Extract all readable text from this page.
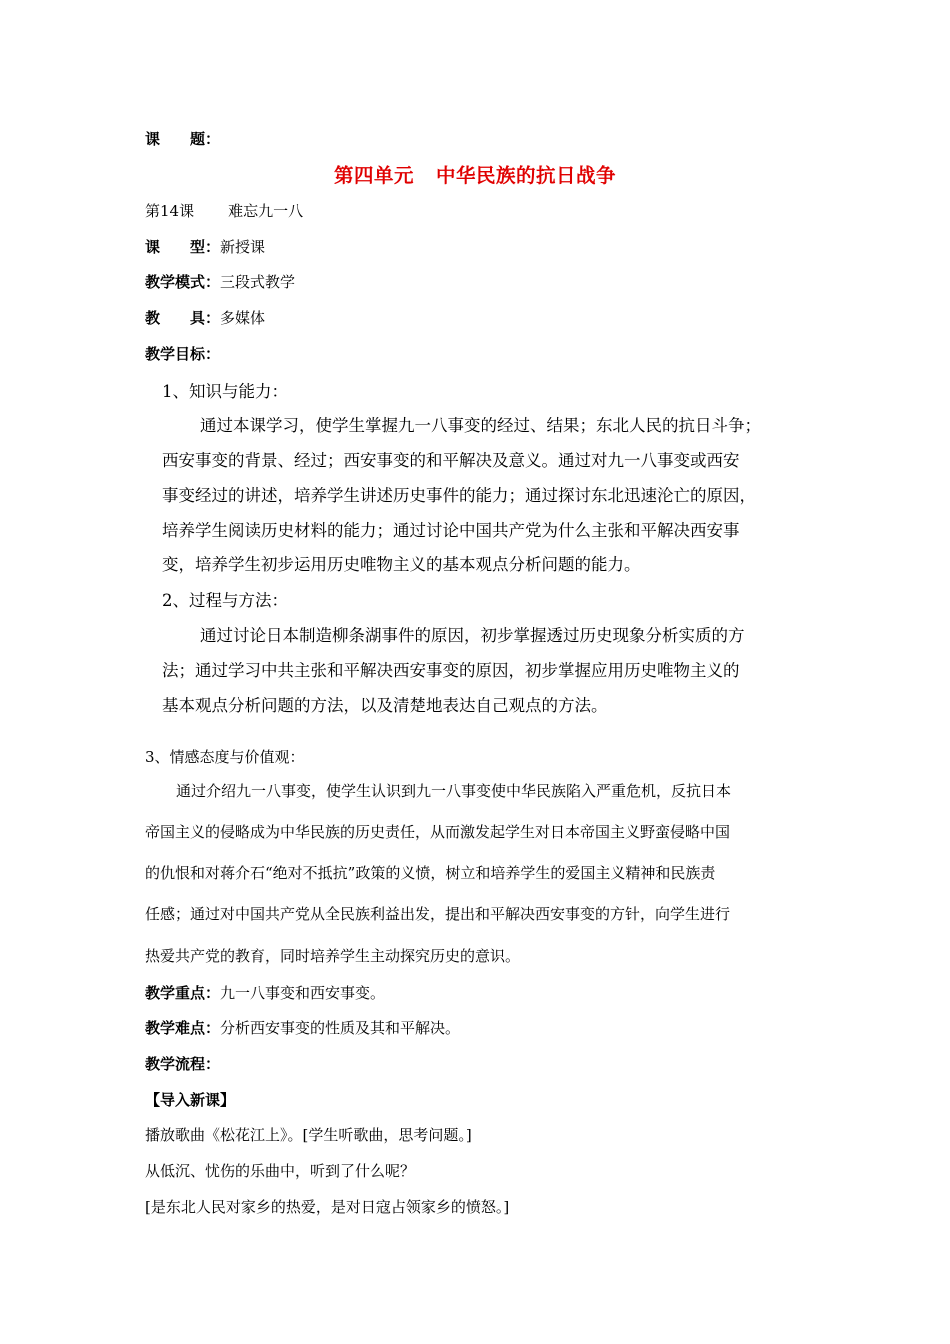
课　　题：
第四单元 中华民族的抗日战争
第14课 难忘九一八
课　　型：新授课
教学模式：三段式教学
教　　具：多媒体
教学目标：
1、知识与能力：
通过本课学习，使学生掌握九一八事变的经过、结果；东北人民的抗日斗争；
西安事变的背景、经过；西安事变的和平解决及意义。通过对九一八事变或西安
事变经过的讲述，培养学生讲述历史事件的能力；通过探讨东北迅速沦亡的原因，
培养学生阅读历史材料的能力；通过讨论中国共产党为什么主张和平解决西安事
变，培养学生初步运用历史唯物主义的基本观点分析问题的能力。
2、过程与方法：
通过讨论日本制造柳条湖事件的原因，初步掌握透过历史现象分析实质的方
法；通过学习中共主张和平解决西安事变的原因，初步掌握应用历史唯物主义的
基本观点分析问题的方法，以及清楚地表达自己观点的方法。
3、情感态度与价值观：
通过介绍九一八事变，使学生认识到九一八事变使中华民族陷入严重危机，反抗日本
帝国主义的侵略成为中华民族的历史责任，从而激发起学生对日本帝国主义野蛮侵略中国
的仇恨和对蒋介石“绝对不抵抗”政策的义愤，树立和培养学生的爱国主义精神和民族责
任感；通过对中国共产党从全民族利益出发，提出和平解决西安事变的方针，向学生进行
热爱共产党的教育，同时培养学生主动探究历史的意识。
教学重点：九一八事变和西安事变。
教学难点：分析西安事变的性质及其和平解决。
教学流程：
【导入新课】
播放歌曲《松花江上》。[学生听歌曲，思考问题。]
从低沉、忧伤的乐曲中，听到了什么呢？
[是东北人民对家乡的热爱，是对日寇占领家乡的愤怒。]
